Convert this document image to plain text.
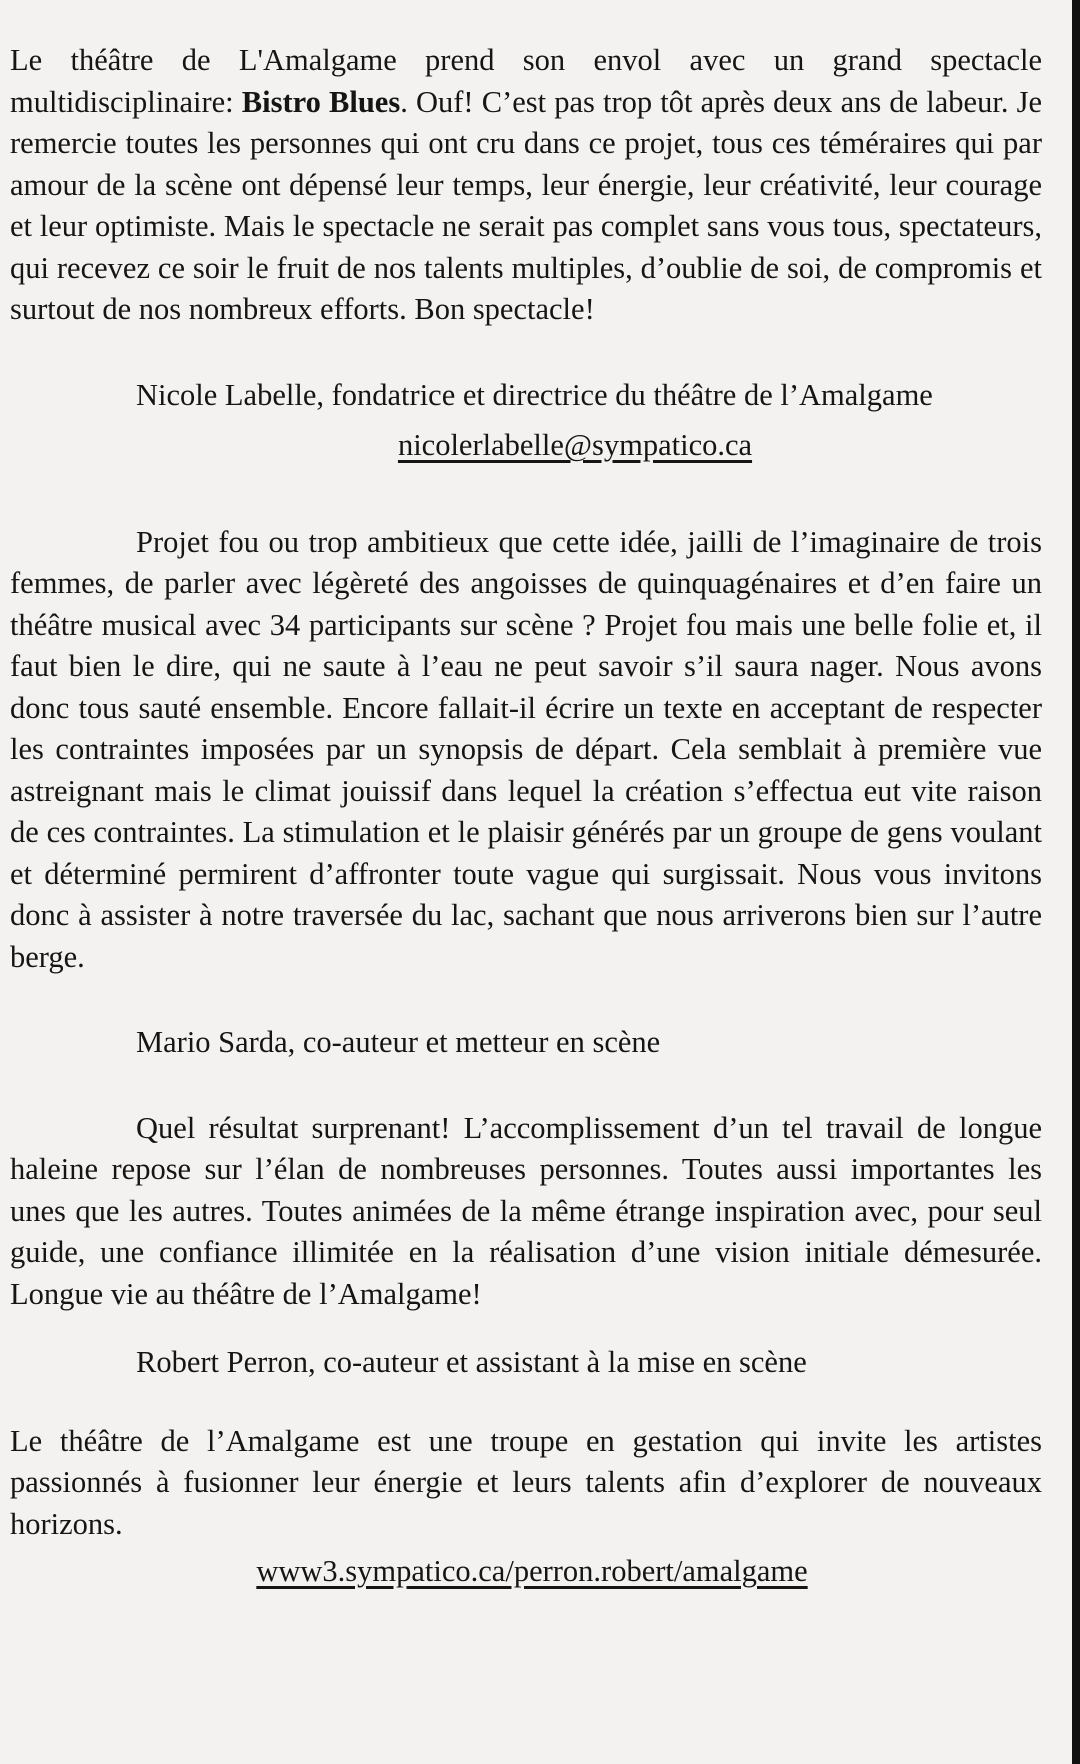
Le théâtre de L'Amalgame prend son envol avec un grand spectacle multidisciplinaire: Bistro Blues. Ouf! C’est pas trop tôt après deux ans de labeur. Je remercie toutes les personnes qui ont cru dans ce projet, tous ces téméraires qui par amour de la scène ont dépensé leur temps, leur énergie, leur créativité, leur courage et leur optimiste. Mais le spectacle ne serait pas complet sans vous tous, spectateurs, qui recevez ce soir le fruit de nos talents multiples, d’oublie de soi, de compromis et surtout de nos nombreux efforts. Bon spectacle!

Nicole Labelle, fondatrice et directrice du théâtre de l’Amalgame

nicolerlabelle@sympatico.ca

Projet fou ou trop ambitieux que cette idée, jailli de l’imaginaire de trois femmes, de parler avec légèreté des angoisses de quinquagénaires et d’en faire un théâtre musical avec 34 participants sur scène ? Projet fou mais une belle folie et, il faut bien le dire, qui ne saute à l’eau ne peut savoir s’il saura nager. Nous avons donc tous sauté ensemble. Encore fallait-il écrire un texte en acceptant de respecter les contraintes imposées par un synopsis de départ. Cela semblait à première vue astreignant mais le climat jouissif dans lequel la création s’effectua eut vite raison de ces contraintes. La stimulation et le plaisir générés par un groupe de gens voulant et déterminé permirent d’affronter toute vague qui surgissait. Nous vous invitons donc à assister à notre traversée du lac, sachant que nous arriverons bien sur l’autre berge.

Mario Sarda, co-auteur et metteur en scène

Quel résultat surprenant! L’accomplissement d’un tel travail de longue haleine repose sur l’élan de nombreuses personnes. Toutes aussi importantes les unes que les autres. Toutes animées de la même étrange inspiration avec, pour seul guide, une confiance illimitée en la réalisation d’une vision initiale démesurée. Longue vie au théâtre de l’Amalgame!

Robert Perron, co-auteur et assistant à la mise en scène

Le théâtre de l’Amalgame est une troupe en gestation qui invite les artistes passionnés à fusionner leur énergie et leurs talents afin d’explorer de nouveaux horizons.

www3.sympatico.ca/perron.robert/amalgame
